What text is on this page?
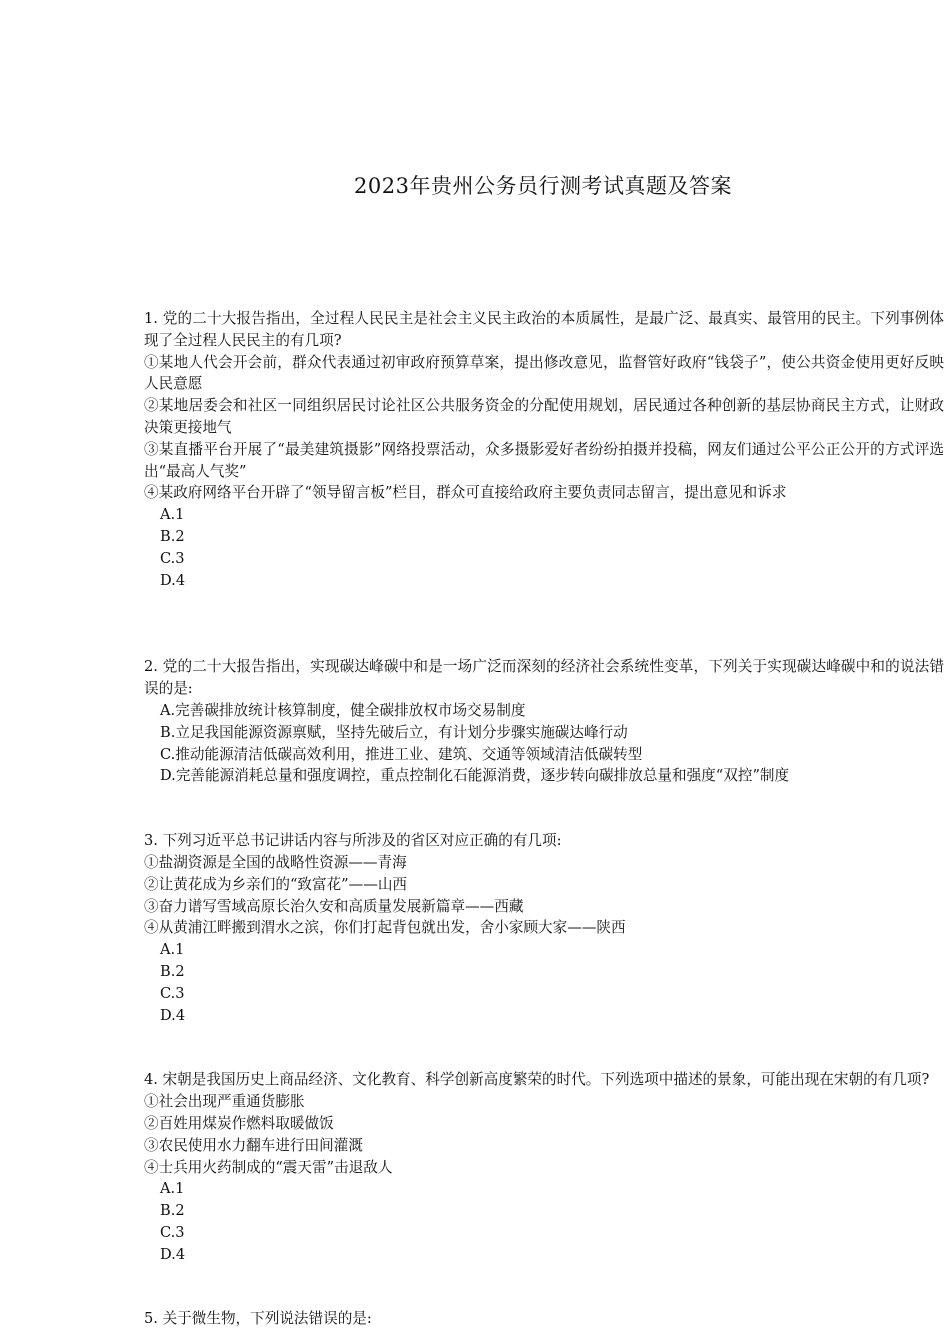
2023年贵州公务员行测考试真题及答案

1. 党的二十大报告指出，全过程人民民主是社会主义民主政治的本质属性，是最广泛、最真实、最管用的民主。下列事例体现了全过程人民民主的有几项?

①某地人代会开会前，群众代表通过初审政府预算草案，提出修改意见，监督管好政府“钱袋子”，使公共资金使用更好反映人民意愿

②某地居委会和社区一同组织居民讨论社区公共服务资金的分配使用规划，居民通过各种创新的基层协商民主方式，让财政决策更接地气

③某直播平台开展了“最美建筑摄影”网络投票活动，众多摄影爱好者纷纷拍摄并投稿，网友们通过公平公正公开的方式评选出“最高人气奖”

④某政府网络平台开辟了“领导留言板”栏目，群众可直接给政府主要负责同志留言，提出意见和诉求

A.1

B.2

C.3

D.4

2. 党的二十大报告指出，实现碳达峰碳中和是一场广泛而深刻的经济社会系统性变革，下列关于实现碳达峰碳中和的说法错误的是:

A.完善碳排放统计核算制度，健全碳排放权市场交易制度

B.立足我国能源资源禀赋，坚持先破后立，有计划分步骤实施碳达峰行动

C.推动能源清洁低碳高效利用，推进工业、建筑、交通等领域清洁低碳转型

D.完善能源消耗总量和强度调控，重点控制化石能源消费，逐步转向碳排放总量和强度“双控”制度

3. 下列习近平总书记讲话内容与所涉及的省区对应正确的有几项:

①盐湖资源是全国的战略性资源——青海

②让黄花成为乡亲们的“致富花”——山西

③奋力谱写雪域高原长治久安和高质量发展新篇章——西藏

④从黄浦江畔搬到渭水之滨，你们打起背包就出发，舍小家顾大家——陕西

A.1

B.2

C.3

D.4

4. 宋朝是我国历史上商品经济、文化教育、科学创新高度繁荣的时代。下列选项中描述的景象，可能出现在宋朝的有几项?

①社会出现严重通货膨胀

②百姓用煤炭作燃料取暖做饭

③农民使用水力翻车进行田间灌溉

④士兵用火药制成的“震天雷”击退敌人

A.1

B.2

C.3

D.4

5. 关于微生物，下列说法错误的是:
